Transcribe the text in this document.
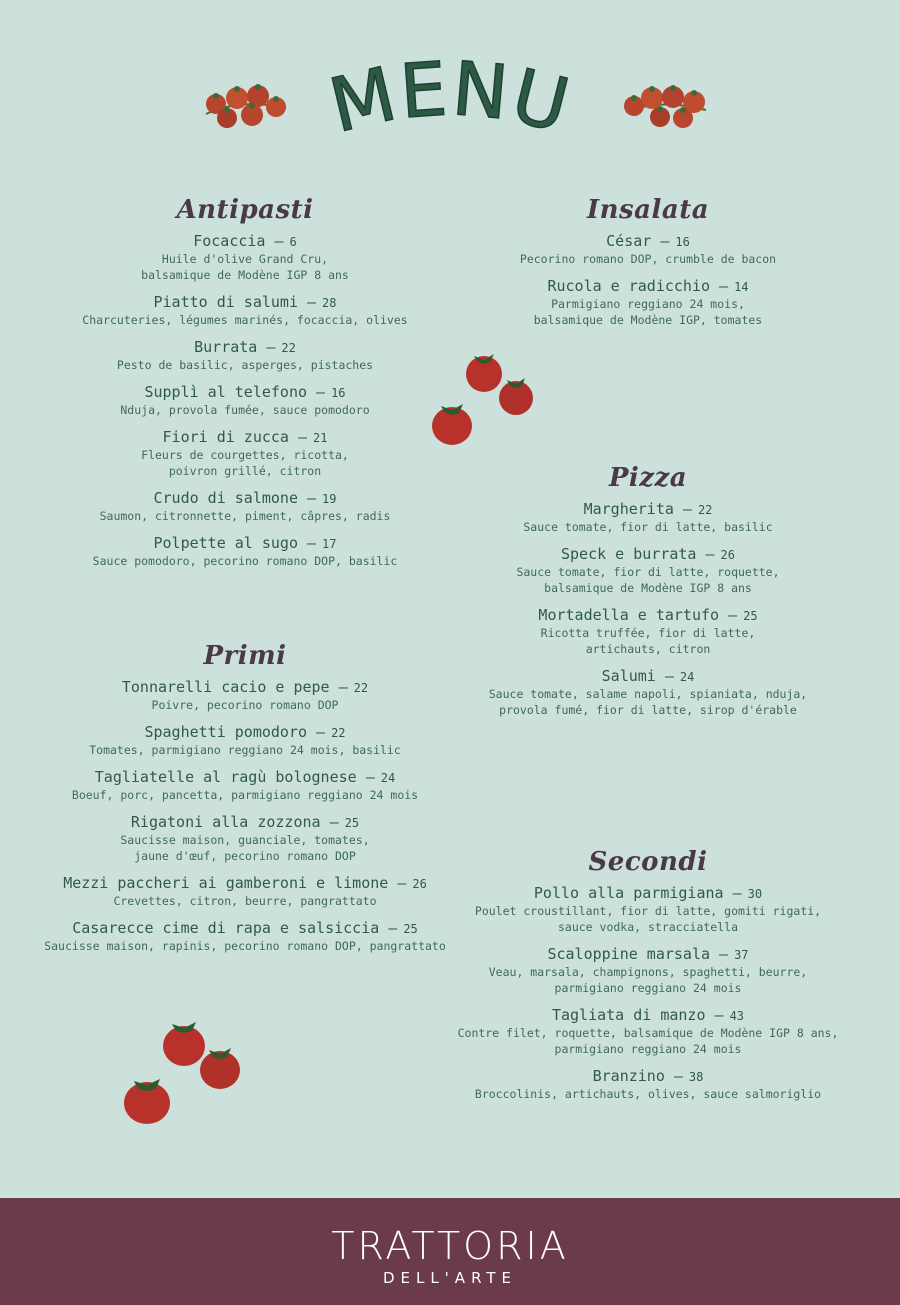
MENU
Antipasti
Focaccia – 6
Huile d'olive Grand Cru,
balsamique de Modène IGP 8 ans
Piatto di salumi – 28
Charcuteries, légumes marinés, focaccia, olives
Burrata – 22
Pesto de basilic, asperges, pistaches
Supplì al telefono – 16
Nduja, provola fumée, sauce pomodoro
Fiori di zucca – 21
Fleurs de courgettes, ricotta,
poivron grillé, citron
Crudo di salmone – 19
Saumon, citronnette, piment, câpres, radis
Polpette al sugo – 17
Sauce pomodoro, pecorino romano DOP, basilic
Primi
Tonnarelli cacio e pepe – 22
Poivre, pecorino romano DOP
Spaghetti pomodoro – 22
Tomates, parmigiano reggiano 24 mois, basilic
Tagliatelle al ragù bolognese – 24
Boeuf, porc, pancetta, parmigiano reggiano 24 mois
Rigatoni alla zozzona – 25
Saucisse maison, guanciale, tomates,
jaune d'œuf, pecorino romano DOP
Mezzi paccheri ai gamberoni e limone – 26
Crevettes, citron, beurre, pangrattato
Casarecce cime di rapa e salsiccia – 25
Saucisse maison, rapinis, pecorino romano DOP, pangrattato
Insalata
César – 16
Pecorino romano DOP, crumble de bacon
Rucola e radicchio – 14
Parmigiano reggiano 24 mois,
balsamique de Modène IGP, tomates
Pizza
Margherita – 22
Sauce tomate, fior di latte, basilic
Speck e burrata – 26
Sauce tomate, fior di latte, roquette,
balsamique de Modène IGP 8 ans
Mortadella e tartufo – 25
Ricotta truffée, fior di latte,
artichauts, citron
Salumi – 24
Sauce tomate, salame napoli, spianiata, nduja,
provola fumé, fior di latte, sirop d'érable
Secondi
Pollo alla parmigiana – 30
Poulet croustillant, fior di latte, gomiti rigati,
sauce vodka, stracciatella
Scaloppine marsala – 37
Veau, marsala, champignons, spaghetti, beurre,
parmigiano reggiano 24 mois
Tagliata di manzo – 43
Contre filet, roquette, balsamique de Modène IGP 8 ans,
parmigiano reggiano 24 mois
Branzino – 38
Broccolinis, artichauts, olives, sauce salmoriglio
TRATTORIA
DELL'ARTE
